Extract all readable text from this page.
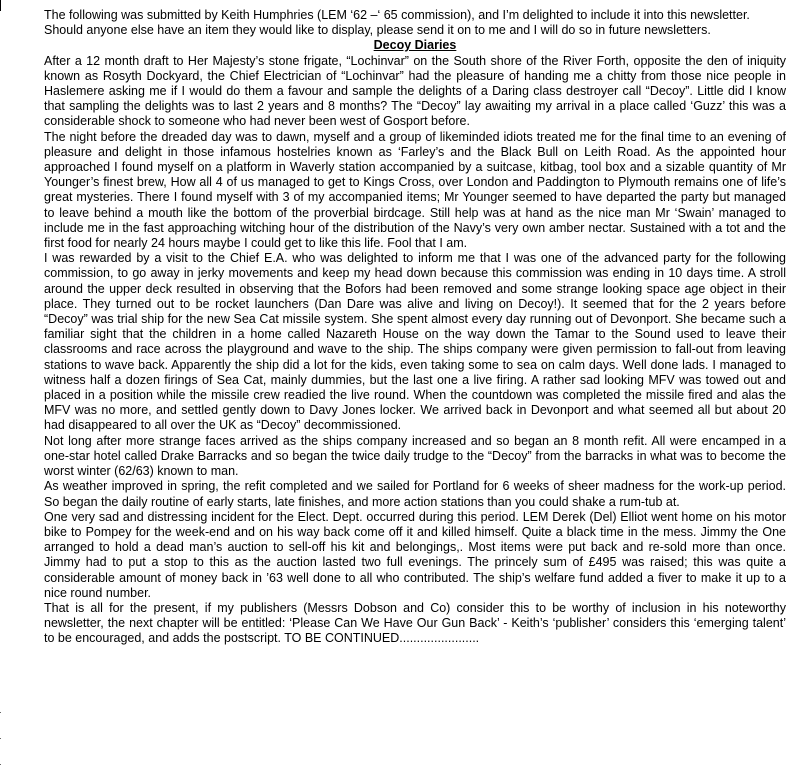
The following was submitted by Keith Humphries (LEM ‘62 –‘ 65 commission), and I’m delighted to include it into this newsletter. Should anyone else have an item they would like to display, please send it on to me and I will do so in future newsletters.

Decoy Diaries

After a 12 month draft to Her Majesty’s stone frigate, “Lochinvar” on the South shore of the River Forth, opposite the den of iniquity known as Rosyth Dockyard, the Chief Electrician of “Lochinvar” had the pleasure of handing me a chitty from those nice people in Haslemere asking me if I would do them a favour and sample the delights of a Daring class destroyer call “Decoy”. Little did I know that sampling the delights was to last 2 years and 8 months? The “Decoy” lay awaiting my arrival in a place called ‘Guzz’ this was a considerable shock to someone who had never been west of Gosport before.

The night before the dreaded day was to dawn, myself and a group of likeminded idiots treated me for the final time to an evening of pleasure and delight in those infamous hostelries known as ‘Farley’s and the Black Bull on Leith Road. As the appointed hour approached I found myself on a platform in Waverly station accompanied by a suitcase, kitbag, tool box and a sizable quantity of Mr Younger’s finest brew, How all 4 of us managed to get to Kings Cross, over London and Paddington to Plymouth remains one of life’s great mysteries. There I found myself with 3 of my accompanied items; Mr Younger seemed to have departed the party but managed to leave behind a mouth like the bottom of the proverbial birdcage. Still help was at hand as the nice man Mr ‘Swain’ managed to include me in the fast approaching witching hour of the distribution of the Navy’s very own amber nectar. Sustained with a tot and the first food for nearly 24 hours maybe I could get to like this life. Fool that I am.

I was rewarded by a visit to the Chief E.A. who was delighted to inform me that I was one of the advanced party for the following commission, to go away in jerky movements and keep my head down because this commission was ending in 10 days time. A stroll around the upper deck resulted in observing that the Bofors had been removed and some strange looking space age object in their place. They turned out to be rocket launchers (Dan Dare was alive and living on Decoy!). It seemed that for the 2 years before “Decoy” was trial ship for the new Sea Cat missile system. She spent almost every day running out of Devonport. She became such a familiar sight that the children in a home called Nazareth House on the way down the Tamar to the Sound used to leave their classrooms and race across the playground and wave to the ship. The ships company were given permission to fall-out from leaving stations to wave back. Apparently the ship did a lot for the kids, even taking some to sea on calm days. Well done lads. I managed to witness half a dozen firings of Sea Cat, mainly dummies, but the last one a live firing. A rather sad looking MFV was towed out and placed in a position while the missile crew readied the live round. When the countdown was completed the missile fired and alas the MFV was no more, and settled gently down to Davy Jones locker. We arrived back in Devonport and what seemed all but about 20 had disappeared to all over the UK as “Decoy” decommissioned.

Not long after more strange faces arrived as the ships company increased and so began an 8 month refit. All were encamped in a one-star hotel called Drake Barracks and so began the twice daily trudge to the “Decoy” from the barracks in what was to become the worst winter (62/63) known to man.

As weather improved in spring, the refit completed and we sailed for Portland for 6 weeks of sheer madness for the work-up period. So began the daily routine of early starts, late finishes, and more action stations than you could shake a rum-tub at.

One very sad and distressing incident for the Elect. Dept. occurred during this period. LEM Derek (Del) Elliot went home on his motor bike to Pompey for the week-end and on his way back come off it and killed himself. Quite a black time in the mess. Jimmy the One arranged to hold a dead man’s auction to sell-off his kit and belongings,. Most items were put back and re-sold more than once. Jimmy had to put a stop to this as the auction lasted two full evenings. The princely sum of £495 was raised; this was quite a considerable amount of money back in ’63 well done to all who contributed. The ship’s welfare fund added a fiver to make it up to a nice round number.

That is all for the present, if my publishers (Messrs Dobson and Co) consider this to be worthy of inclusion in his noteworthy newsletter, the next chapter will be entitled: ‘Please Can We Have Our Gun Back’ - Keith’s ‘publisher’ considers this ‘emerging talent’ to be encouraged, and adds the postscript. TO BE CONTINUED.......................
